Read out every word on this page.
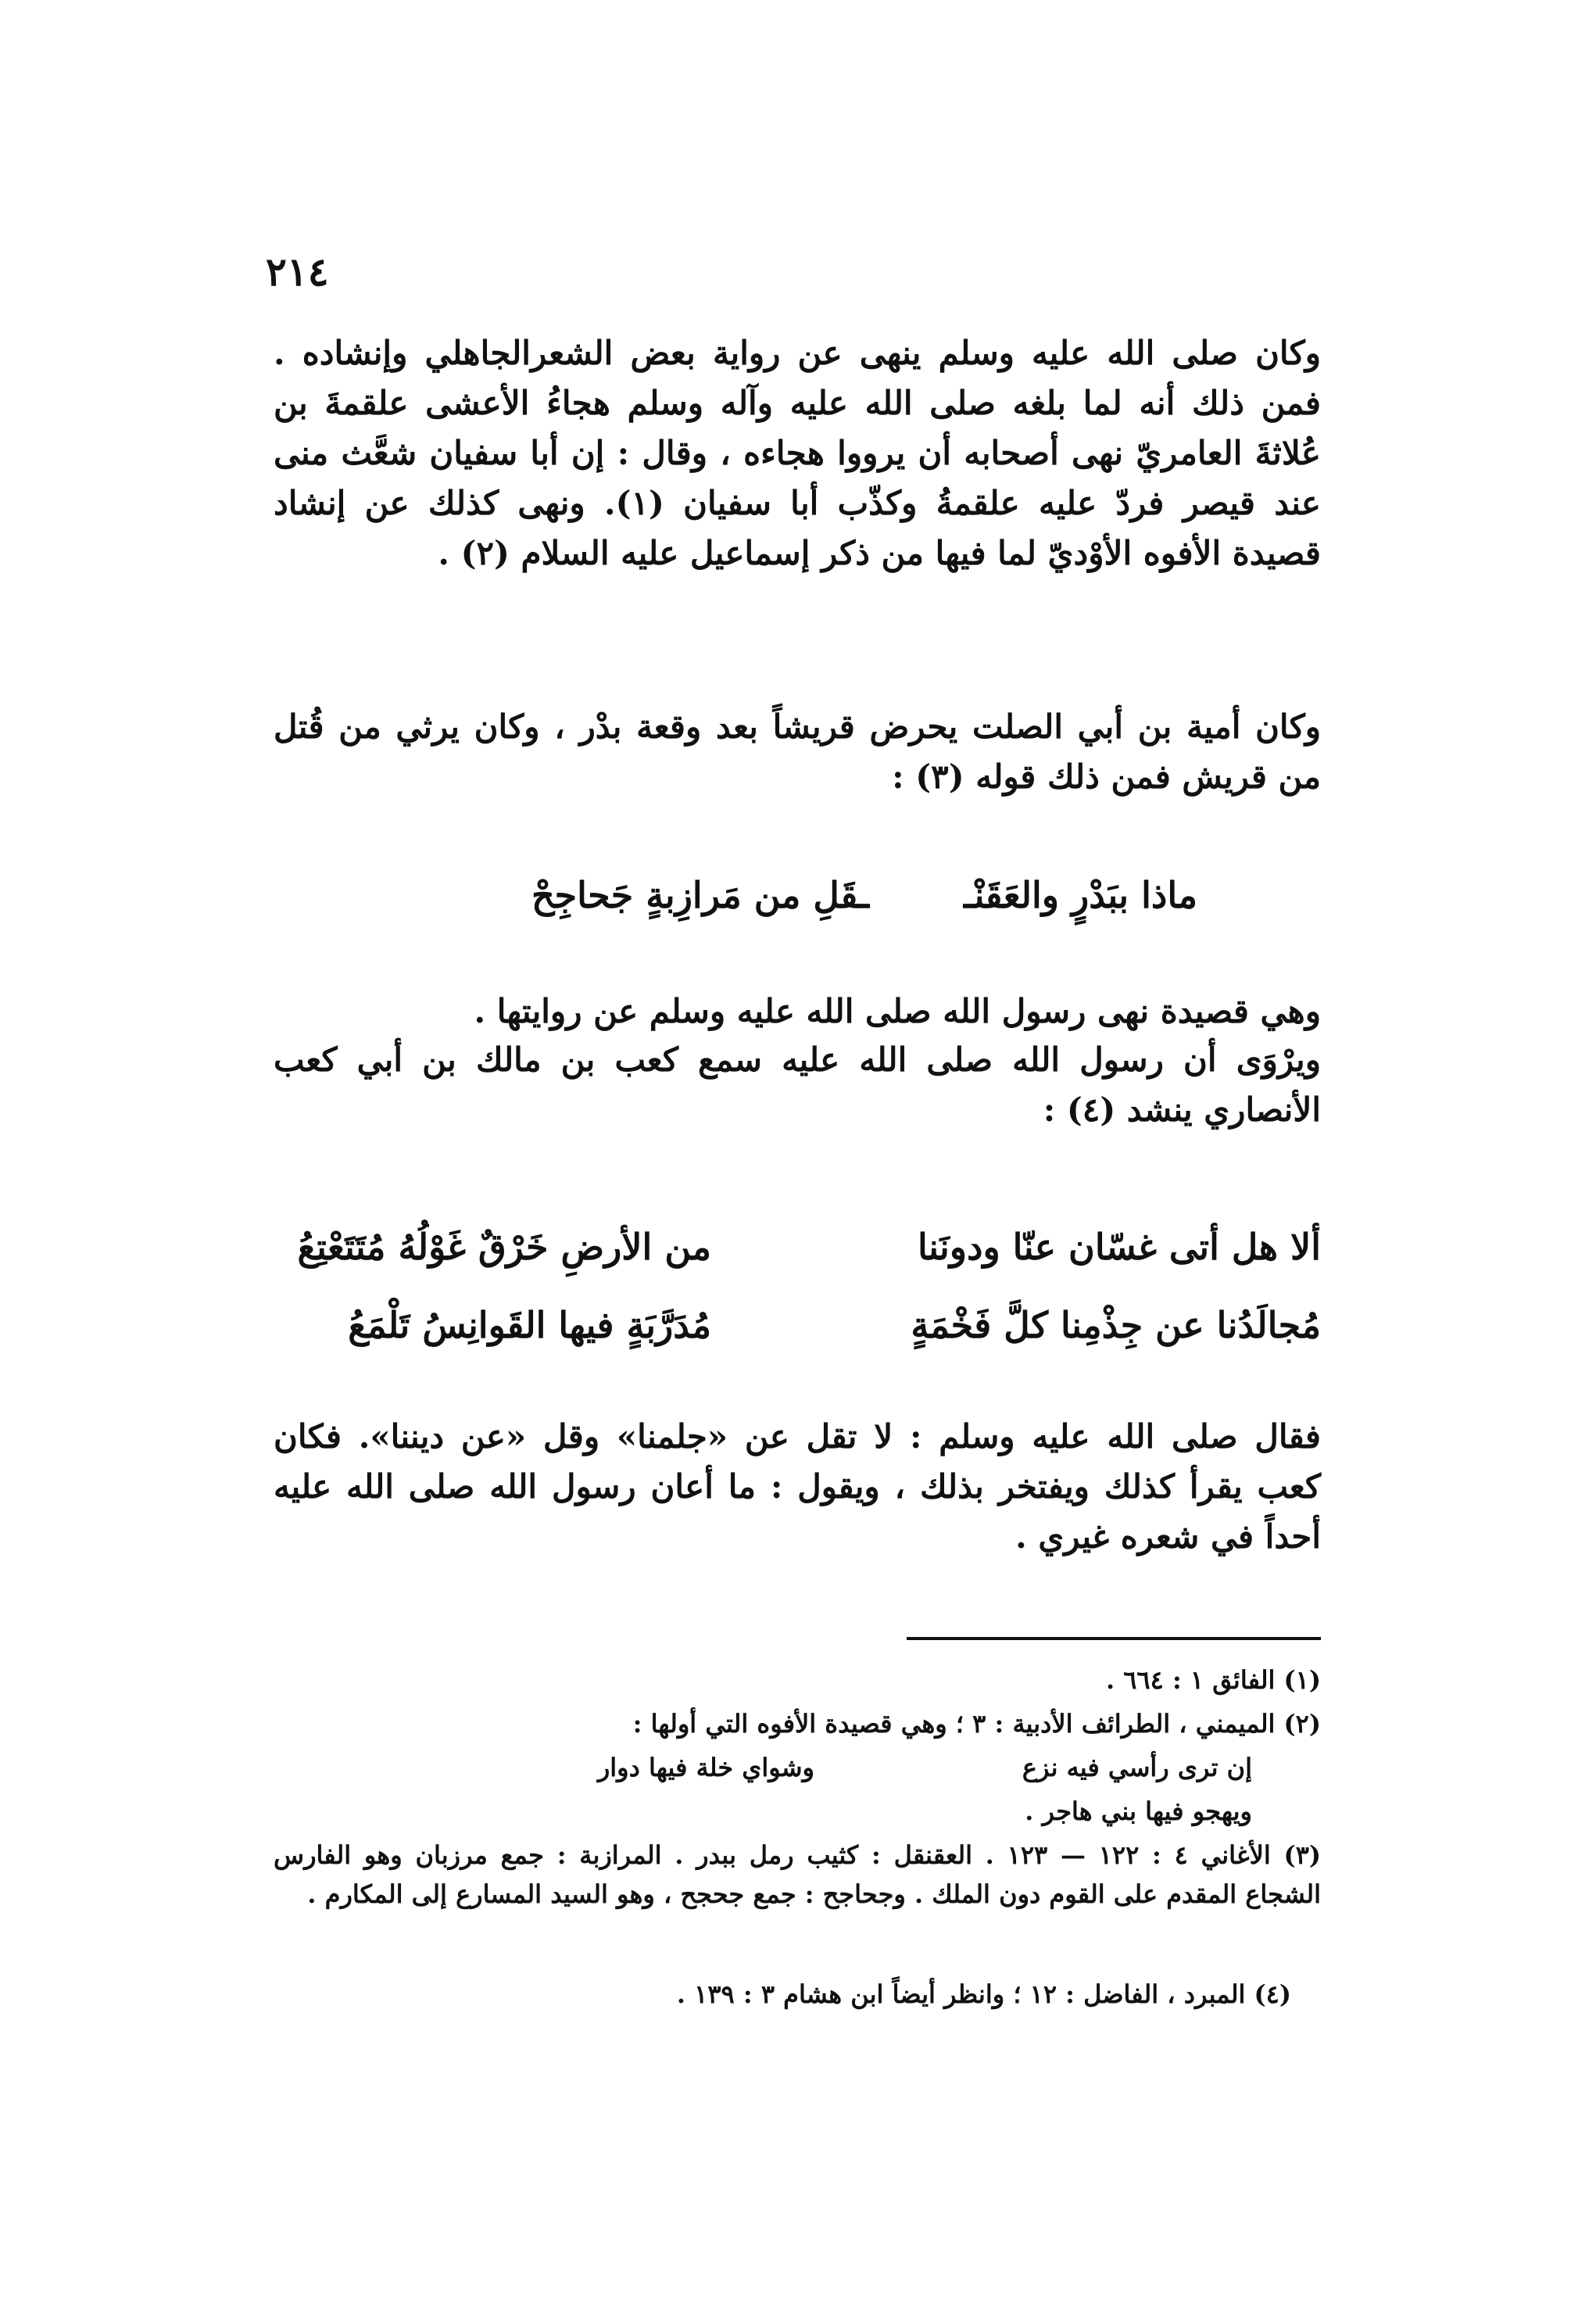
٢١٤
وكان صلى الله عليه وسلم ينهى عن رواية بعض الشعرالجاهلي وإنشاده . فمن ذلك أنه لما بلغه صلى الله عليه وآله وسلم هجاءُ الأعشى علقمةَ بن عُلاثةَ العامريّ نهى أصحابه أن يرووا هجاءه ، وقال : إن أبا سفيان شعَّث منى عند قيصر فردّ عليه علقمةُ وكذّب أبا سفيان (١). ونهى كذلك عن إنشاد قصيدة الأفوه الأوْديّ لما فيها من ذكر إسماعيل عليه السلام (٢) .
وكان أمية بن أبي الصلت يحرض قريشاً بعد وقعة بدْر ، وكان يرثي من قُتل من قريش فمن ذلك قوله (٣) :
ماذا ببَدْرٍ والعَقَنْـ
ـقَلِ من مَرازِبةٍ جَحاجِحْ
وهي قصيدة نهى رسول الله صلى الله عليه وسلم عن روايتها .
ويرْوَى أن رسول الله صلى الله عليه سمع كعب بن مالك بن أبي كعب الأنصاري ينشد (٤) :
ألا هل أتى غسّان عنّا ودونَنا
من الأرضِ خَرْقٌ غَوْلُهُ مُتَتَعْتِعُ
مُجالَدُنا عن جِذْمِنا كلَّ فَخْمَةٍ
مُدَرَّبَةٍ فيها القَوانِسُ تَلْمَعُ
فقال صلى الله عليه وسلم : لا تقل عن «جلمنا» وقل «عن ديننا». فكان كعب يقرأ كذلك ويفتخر بذلك ، ويقول : ما أعان رسول الله صلى الله عليه أحداً في شعره غيري .
(١) الفائق ١ : ٦٦٤ .
(٢) الميمني ، الطرائف الأدبية : ٣ ؛ وهي قصيدة الأفوه التي أولها :
إن ترى رأسي فيه نزع
وشواي خلة فيها دوار
ويهجو فيها بني هاجر .
(٣) الأغاني ٤ : ١٢٢ — ١٢٣ . العقنقل : كثيب رمل ببدر . المرازبة : جمع مرزبان وهو الفارس الشجاع المقدم على القوم دون الملك . وجحاجح : جمع جحجح ، وهو السيد المسارع إلى المكارم .
(٤) المبرد ، الفاضل : ١٢ ؛ وانظر أيضاً ابن هشام ٣ : ١٣٩ .
